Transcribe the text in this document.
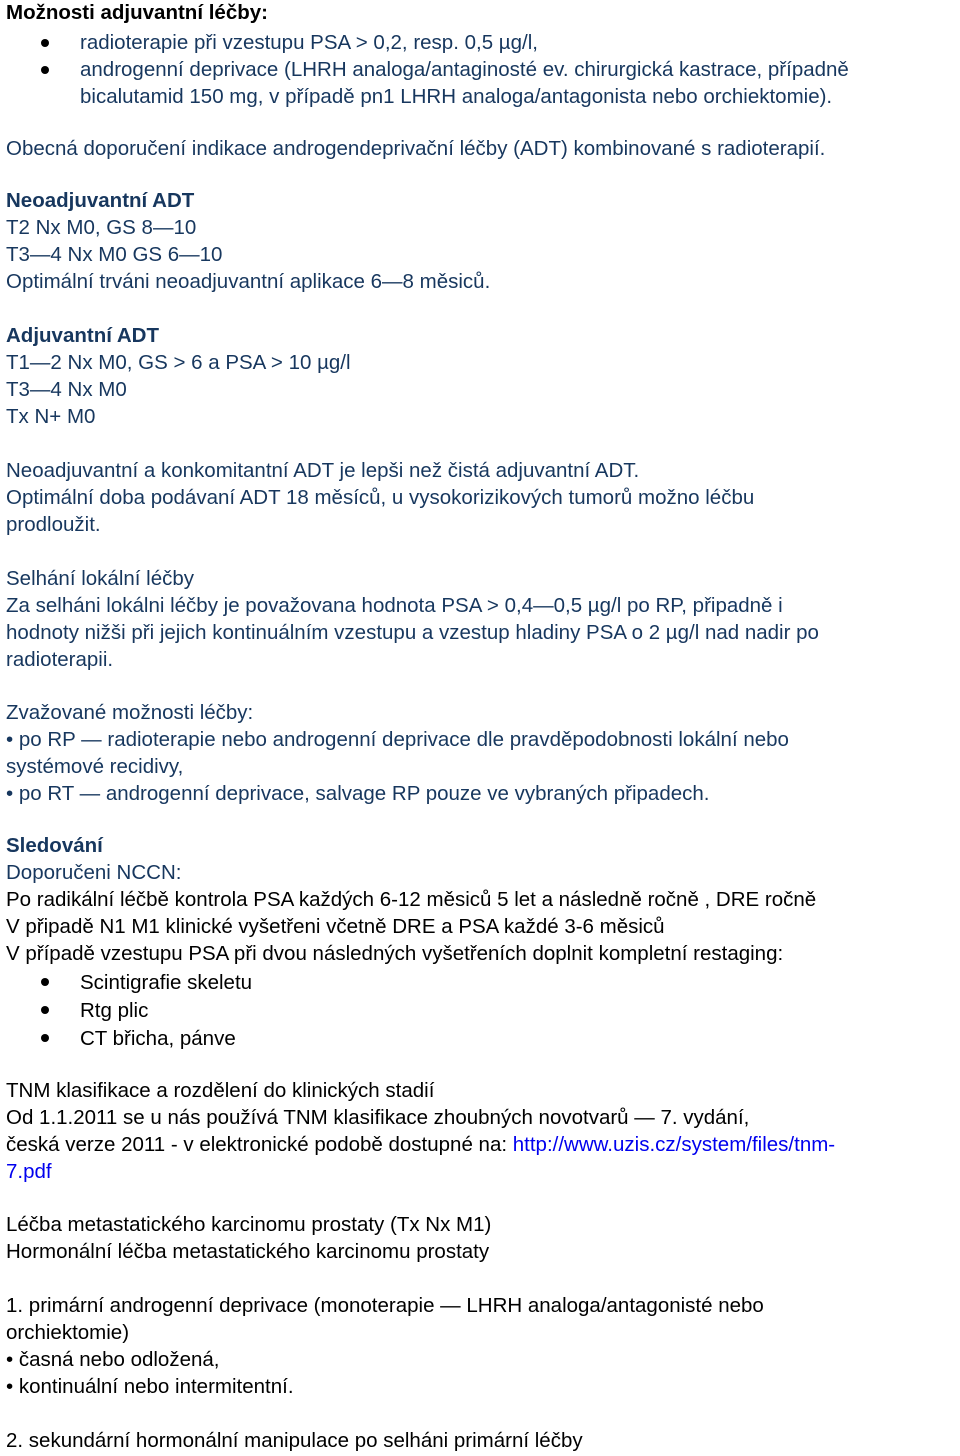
Možnosti adjuvantní léčby:
radioterapie při vzestupu PSA > 0,2, resp. 0,5 µg/l,
androgenní deprivace (LHRH analoga/antaginosté ev. chirurgická kastrace, případně
bicalutamid 150 mg, v případě pn1 LHRH analoga/antagonista nebo orchiektomie).
Obecná doporučení indikace androgendeprivační léčby (ADT) kombinované s radioterapií.
Neoadjuvantní ADT
T2 Nx M0, GS 8—10
T3—4 Nx M0 GS 6—10
Optimální trváni neoadjuvantní aplikace 6—8 měsiců.
Adjuvantní ADT
T1—2 Nx M0, GS > 6 a PSA > 10 µg/l
T3—4 Nx M0
Tx N+ M0
Neoadjuvantní a konkomitantní ADT je lepši než čistá adjuvantní ADT.
Optimální doba podávaní ADT 18 měsíců, u vysokorizikových tumorů možno léčbu
prodloužit.
Selhání lokální léčby
Za selháni lokálni léčby je považovana hodnota PSA > 0,4—0,5 µg/l po RP, připadně i
hodnoty nižši při jejich kontinuálním vzestupu a vzestup hladiny PSA o 2 µg/l nad nadir po
radioterapii.
Zvažované možnosti léčby:
• po RP — radioterapie nebo androgenní deprivace dle pravděpodobnosti lokální nebo
systémové recidivy,
• po RT — androgenní deprivace, salvage RP pouze ve vybraných připadech.
Sledování
Doporučeni NCCN:
Po radikální léčbě kontrola PSA každých 6-12 měsiců 5 let a následně ročně , DRE ročně
V připadě N1 M1 klinické vyšetřeni včetně DRE a PSA každé 3-6 měsiců
V případě vzestupu PSA při dvou následných vyšetřeních doplnit kompletní restaging:
Scintigrafie skeletu
Rtg plic
CT břicha, pánve
TNM klasifikace a rozdělení do klinických stadií
Od 1.1.2011 se u nás používá TNM klasifikace zhoubných novotvarů — 7. vydání,
česká verze 2011 - v elektronické podobě dostupné na: http://www.uzis.cz/system/files/tnm-
7.pdf
Léčba metastatického karcinomu prostaty (Tx Nx M1)
Hormonální léčba metastatického karcinomu prostaty
1. primární androgenní deprivace (monoterapie — LHRH analoga/antagonisté nebo
orchiektomie)
• časná nebo odložená,
• kontinuální nebo intermitentní.
2. sekundární hormonální manipulace po selháni primární léčby
